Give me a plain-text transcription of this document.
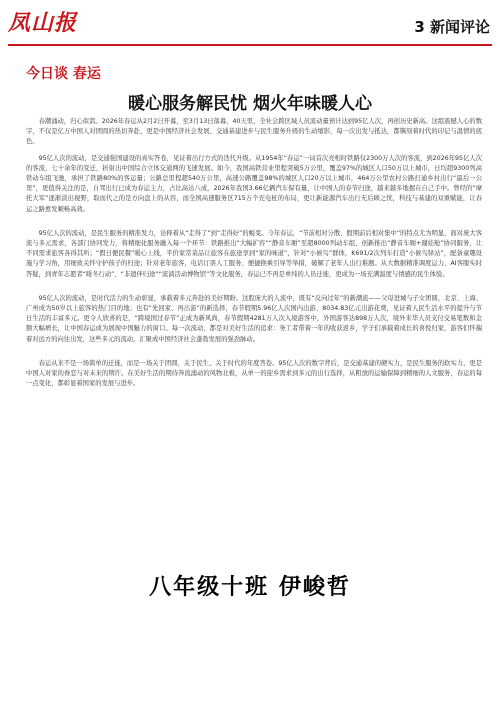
凤山报	3 新闻评论
今日谈 春运
暖心服务解民忧 烟火年味暖人心

春潮涌动，归心似箭。2026年春运从2月2日开幕，至3月13日落幕，40天里，全社会跨区域人员流动量预计达到95亿人次，再创历史新高。这组震撼人心的数字，不仅是亿万中国人对团圆的热切奔赴，更是中国经济社会发展、交通基建进步与民生服务升级的生动缩影，每一次出发与抵达，都镌刻着时代的印记与温情的底色。

95亿人次的流动，是交通强国建设的真实答卷，见证着出行方式的迭代升级。从1954年“春运”一词首次亮相时铁路仅2300万人次的客流，到2026年95亿人次的客流，七十余年的变迁，折射出中国综合立体交通网的飞速发展。如今，我国高铁营业里程突破5万公里，覆盖97%的城区人口50万以上城市，日均超9300列高铁动车组飞驰，承担了铁路80%的客运量；公路总里程超540万公里，高速公路覆盖98%的城区人口20万以上城市，464万公里农村公路打通乡村出行“最后一公里”，更值得关注的是，自驾出行已成为春运主力，占比高达八成，2026年我国3.66亿辆汽车保有量，让中国人的春节归途，越来越多地握在自己手中。曾经的“摩托大军”逐渐淡出视野，取而代之的是方向盘上的从容，而全国高速服务区715万个充电桩的布局，更让新能源汽车出行无后顾之忧，科技与基建的双重赋能，让春运之路愈发顺畅高效。

95亿人次的流动，是民生服务的精准发力，诠释着从“走得了”到“走得好”的蜕变。今年春运，“节前相对分散、假期前后相对集中”的特点尤为明显，面对庞大客流与多元需求，各部门协同发力，将精细化服务融入每一个环节：铁路推出“大幅扩容”“静音车厢”至超8000列动车组，创新推出“静音车厢+遛娃舱”协同服务，让不同需求旅客各得其所；“假日便民餐”暖心上线，平价家常菜品让旅客在旅途享到“家的味道”，针对“小候鸟”群体，K691/2次列车打造“小候鸟驿站”，配备童趣设施与学习角，用细致关怀守护孩子的归途；针对老年旅客，电话订票人工服务、便捷换乘引导等举措，破解了老年人出行难题。从大数据精准调度运力、AI客服实时答疑，到青年志愿者“暖冬行动”、“非遗伴归途”“流淌活动博物馆”等文化服务，春运已不再是单纯的人员迁徙，更成为一场充满温度与情感的民生体验。

95亿人次的流动，是时代活力的生动彰显，承载着多元奔赴的美好期盼。这股庞大的人流中，既有“反向过年”的新潮流——父母进城与子女团圆，北京、上海、广州成为50岁以上旅客的热门目的地；也有“先回家、再出游”的新选择，春节假期5.96亿人次国内出游、8034.83亿元出游花费，见证着人民生活水平的提升与节日生活的丰富多元。更令人欣喜的是，“跨境国过春节”正成为新风尚，春节假期4281万人次入境游客中，外国游客达898万人次，境外来华人员支付交易笔数和金额大幅增长，让中国春运成为展现中国魅力的窗口。每一次流动，都是对美好生活的追求：务工者带着一年的收获返乡，学子们承载着成长的喜悦归家，游客们怀揣着对远方的向往出发，这些多元的流动，汇聚成中国经济社会蓬勃发展的强劲脉动。

春运从来不是一场简单的迁徙，而是一场关于团圆、关于民生、关于时代的年度答卷。95亿人次的数字背后，是交通基建的硬实力，是民生服务的软实力，更是中国人对家的眷恋与对未来的期许。在美好生活的期待奔流涌动的风物北极，从单一的迎乡需求到多元的出行选择，从粗放的运输保障到精细的人文服务，春运的每一点变化，都彰显着国家的发展与进步。

八年级十班 伊峻哲
